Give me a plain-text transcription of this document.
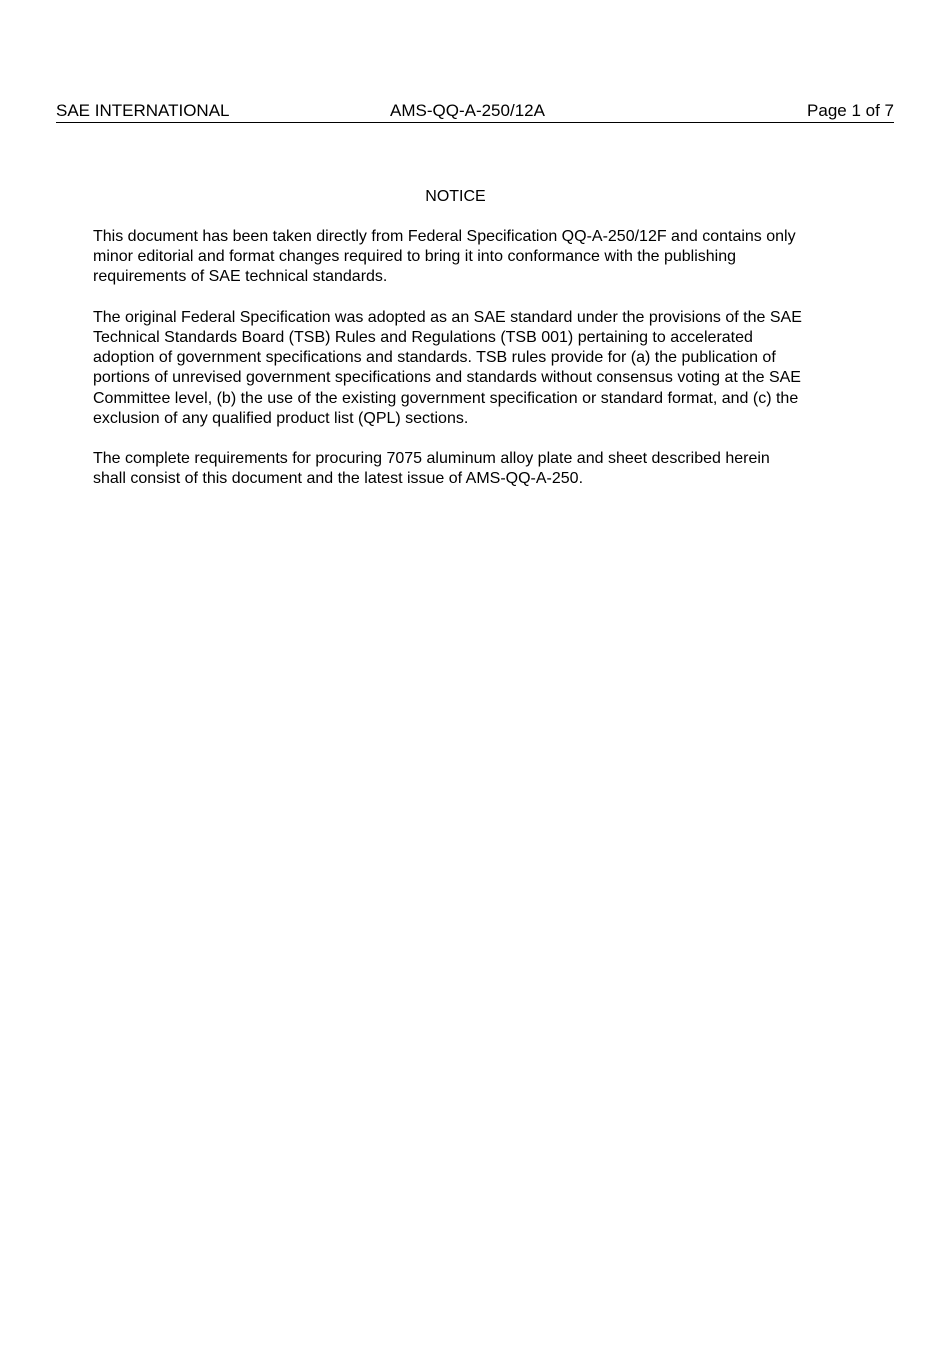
SAE INTERNATIONAL	AMS-QQ-A-250/12A	Page 1 of 7
NOTICE

This document has been taken directly from Federal Specification QQ-A-250/12F and contains only
minor editorial and format changes required to bring it into conformance with the publishing
requirements of SAE technical standards.

The original Federal Specification was adopted as an SAE standard under the provisions of the SAE
Technical Standards Board (TSB) Rules and Regulations (TSB 001) pertaining to accelerated
adoption of government specifications and standards. TSB rules provide for (a) the publication of
portions of unrevised government specifications and standards without consensus voting at the SAE
Committee level, (b) the use of the existing government specification or standard format, and (c) the
exclusion of any qualified product list (QPL) sections.

The complete requirements for procuring 7075 aluminum alloy plate and sheet described herein
shall consist of this document and the latest issue of AMS-QQ-A-250.
